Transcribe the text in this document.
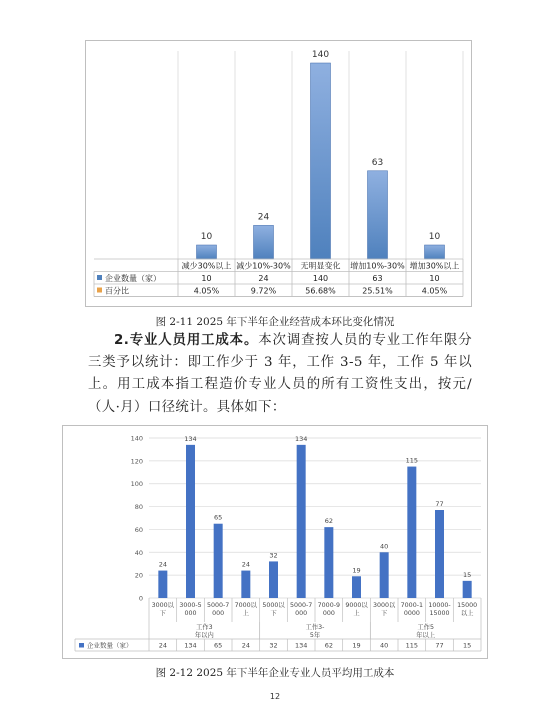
10
24
140
63
10
减少30%以上 减少10%-30% 无明显变化 增加10%-30% 增加30%以上
企业数量（家）	10	24	140	63	10
百分比	4.05%	9.72%	56.68%	25.51%	4.05%
图 2-11 2025 年下半年企业经营成本环比变化情况
2.专业人员用工成本。本次调查按人员的专业工作年限分三类予以统计：即工作少于 3 年，工作 3-5 年，工作 5 年以上。用工成本指工程造价专业人员的所有工资性支出，按元/（人·月）口径统计。具体如下：
0
20
40
60
80
100
120
140
24
134
65
24
32
134
62
19
40
115
77
15
3000以下
3000-5 000
5000-7 000
7000以上
5000以下
5000-7 000
7000-9 000
9000以上
3000以下
7000-1 0000
10000-15000
15000 以上
工作3 年以内
工作3-5年
工作5 年以上
企业数量（家）	24	134	65	24	32	134	62	19	40	115	77	15
图 2-12 2025 年下半年企业专业人员平均用工成本
12
